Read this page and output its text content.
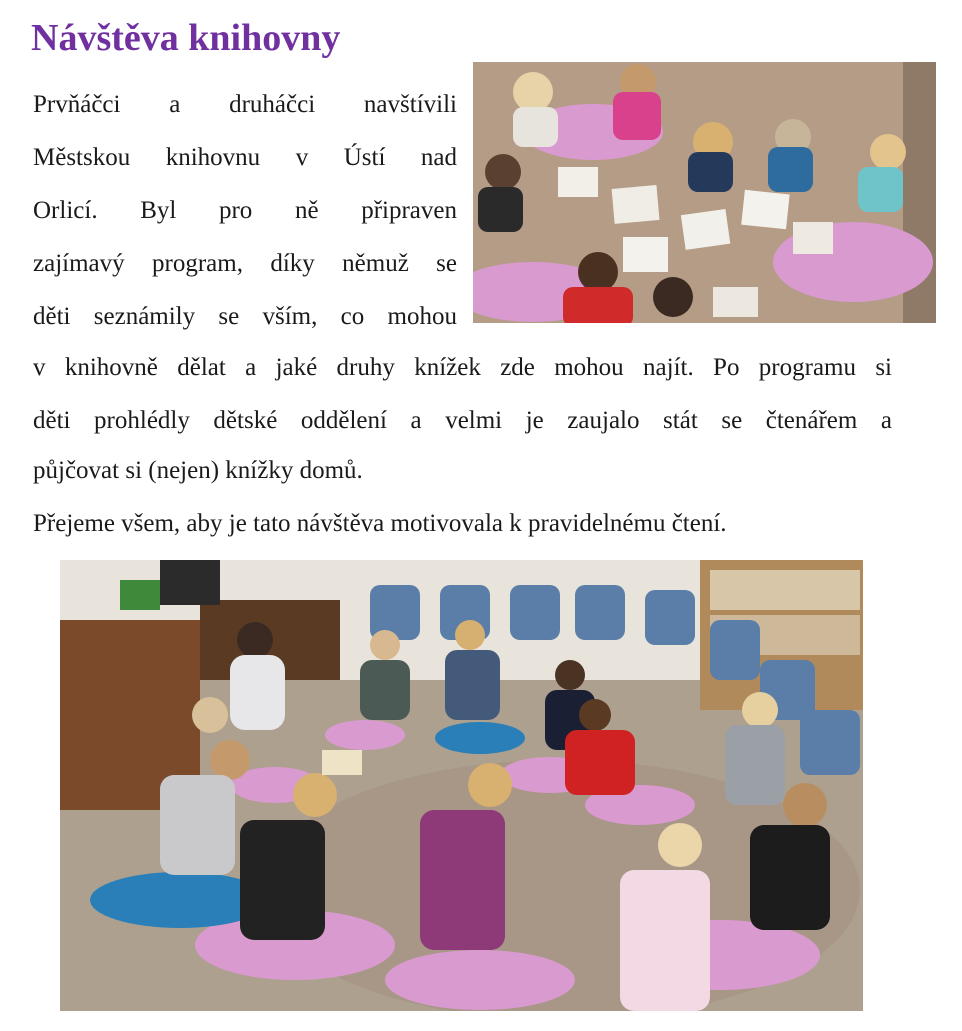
Návštěva knihovny

Prvňáčci a druháčci navštívili

Městskou knihovnu v Ústí nad

Orlicí. Byl pro ně připraven

zajímavý program, díky němuž se

děti seznámily se vším, co mohou

v knihovně dělat a jaké druhy knížek zde mohou najít. Po programu si

děti prohlédly dětské oddělení a velmi je zaujalo stát se čtenářem a

půjčovat si (nejen) knížky domů.

Přejeme všem, aby je tato návštěva motivovala k pravidelnému čtení.
